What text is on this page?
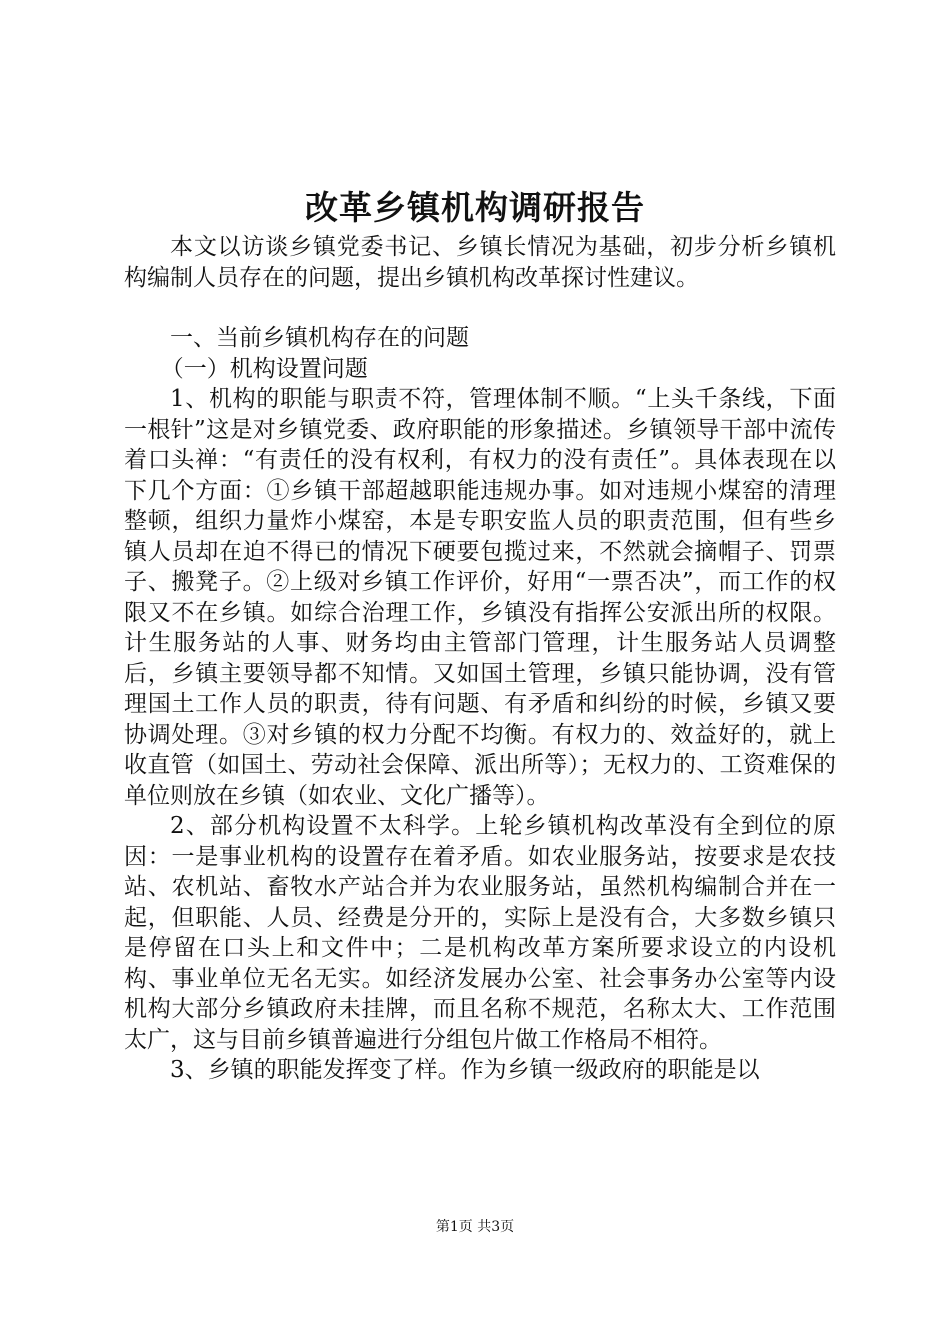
改革乡镇机构调研报告

本文以访谈乡镇党委书记、乡镇长情况为基础，初步分析乡镇机构编制人员存在的问题，提出乡镇机构改革探讨性建议。

一、当前乡镇机构存在的问题

（一）机构设置问题

1、机构的职能与职责不符，管理体制不顺。“上头千条线，下面一根针”这是对乡镇党委、政府职能的形象描述。乡镇领导干部中流传着口头禅：“有责任的没有权利，有权力的没有责任”。具体表现在以下几个方面：①乡镇干部超越职能违规办事。如对违规小煤窑的清理整顿，组织力量炸小煤窑，本是专职安监人员的职责范围，但有些乡镇人员却在迫不得已的情况下硬要包揽过来，不然就会摘帽子、罚票子、搬凳子。②上级对乡镇工作评价，好用“一票否决”，而工作的权限又不在乡镇。如综合治理工作，乡镇没有指挥公安派出所的权限。计生服务站的人事、财务均由主管部门管理，计生服务站人员调整后，乡镇主要领导都不知情。又如国土管理，乡镇只能协调，没有管理国土工作人员的职责，待有问题、有矛盾和纠纷的时候，乡镇又要协调处理。③对乡镇的权力分配不均衡。有权力的、效益好的，就上收直管（如国土、劳动社会保障、派出所等）；无权力的、工资难保的单位则放在乡镇（如农业、文化广播等）。

2、部分机构设置不太科学。上轮乡镇机构改革没有全到位的原因：一是事业机构的设置存在着矛盾。如农业服务站，按要求是农技站、农机站、畜牧水产站合并为农业服务站，虽然机构编制合并在一起，但职能、人员、经费是分开的，实际上是没有合，大多数乡镇只是停留在口头上和文件中；二是机构改革方案所要求设立的内设机构、事业单位无名无实。如经济发展办公室、社会事务办公室等内设机构大部分乡镇政府未挂牌，而且名称不规范，名称太大、工作范围太广，这与目前乡镇普遍进行分组包片做工作格局不相符。

3、乡镇的职能发挥变了样。作为乡镇一级政府的职能是以

第1页 共3页
